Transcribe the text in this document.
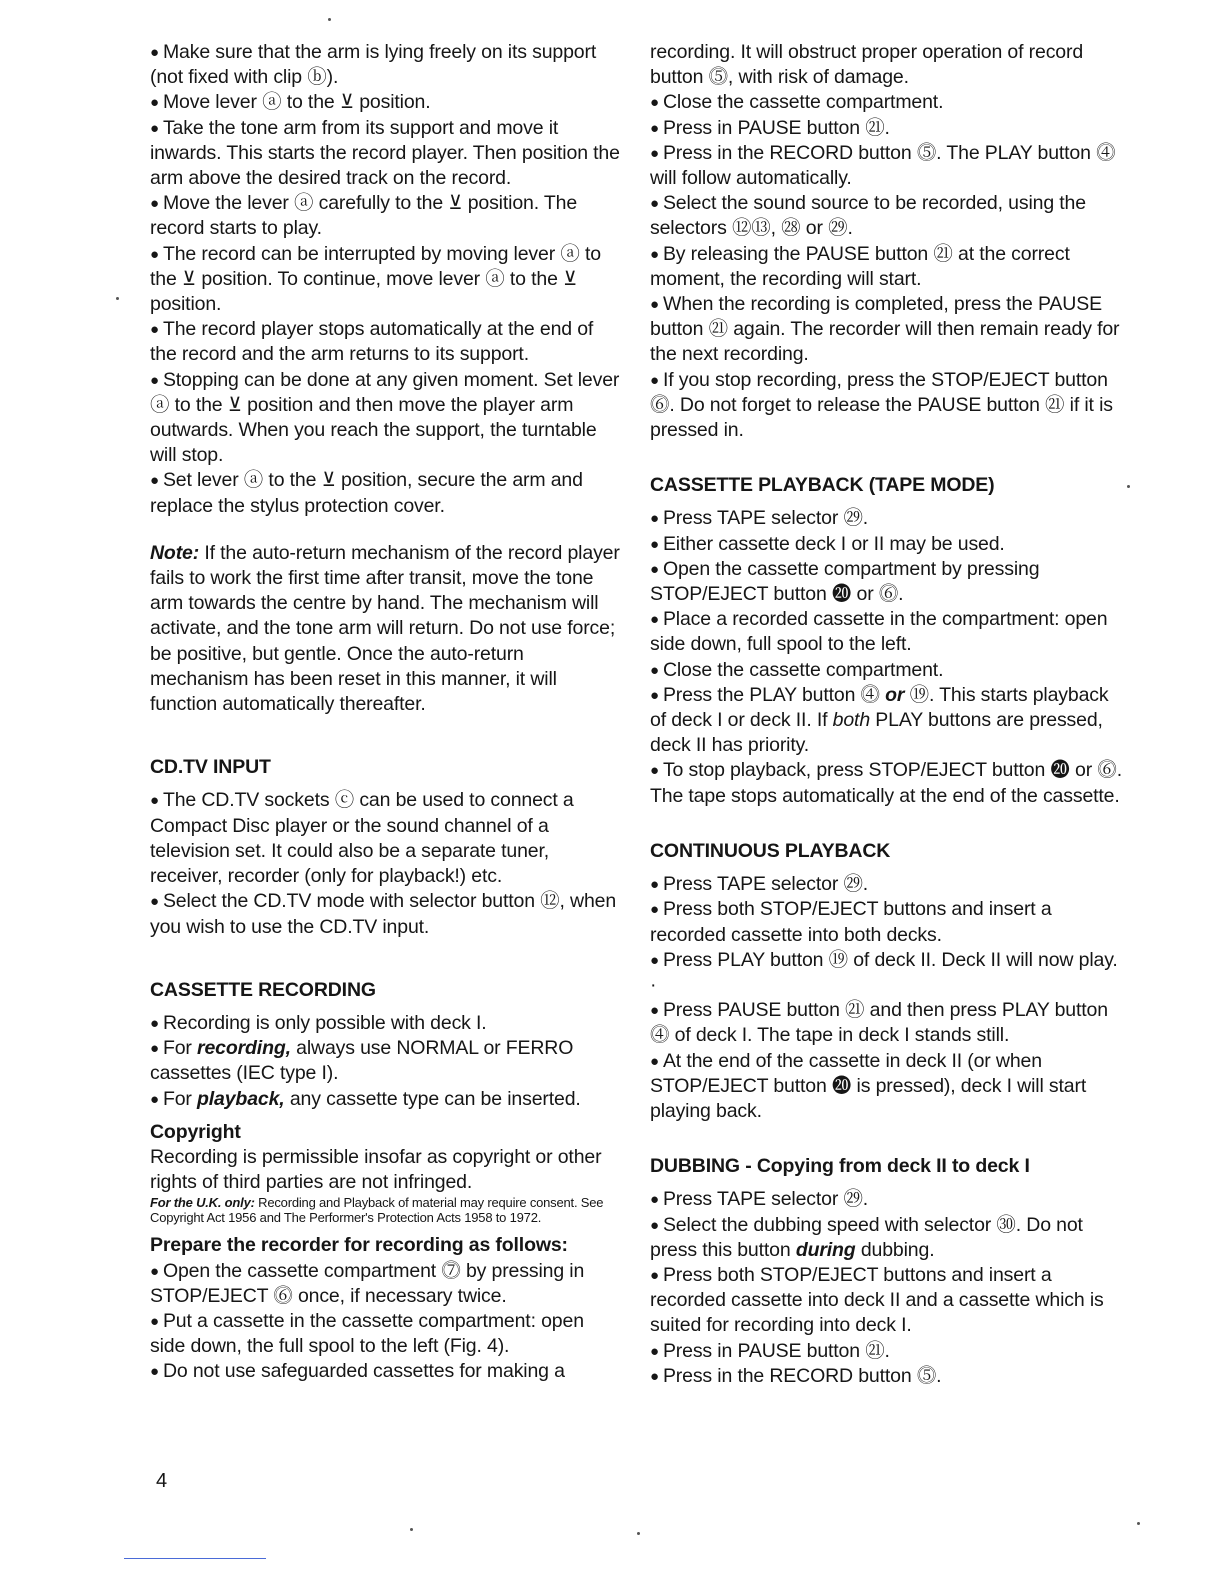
● Make sure that the arm is lying freely on its support (not fixed with clip ⓑ).

● Move lever ⓐ to the ⊻ position.

● Take the tone arm from its support and move it inwards. This starts the record player. Then position the arm above the desired track on the record.

● Move the lever ⓐ carefully to the ⊻ position. The record starts to play.

● The record can be interrupted by moving lever ⓐ to the ⊻ position. To continue, move lever ⓐ to the ⊻ position.

● The record player stops automatically at the end of the record and the arm returns to its support.

● Stopping can be done at any given moment. Set lever ⓐ to the ⊻ position and then move the player arm outwards. When you reach the support, the turntable will stop.

● Set lever ⓐ to the ⊻ position, secure the arm and replace the stylus protection cover.

Note: If the auto-return mechanism of the record player fails to work the first time after transit, move the tone arm towards the centre by hand. The mechanism will activate, and the tone arm will return. Do not use force; be positive, but gentle. Once the auto-return mechanism has been reset in this manner, it will function automatically thereafter.

CD.TV INPUT

● The CD.TV sockets ⓒ can be used to connect a Compact Disc player or the sound channel of a television set. It could also be a separate tuner, receiver, recorder (only for playback!) etc.

● Select the CD.TV mode with selector button ⑫, when you wish to use the CD.TV input.

CASSETTE RECORDING

● Recording is only possible with deck I.

● For recording, always use NORMAL or FERRO cassettes (IEC type I).

● For playback, any cassette type can be inserted.

Copyright

Recording is permissible insofar as copyright or other rights of third parties are not infringed.

For the U.K. only: Recording and Playback of material may require consent. See Copyright Act 1956 and The Performer's Protection Acts 1958 to 1972.

Prepare the recorder for recording as follows:

● Open the cassette compartment ⓻ by pressing in STOP/EJECT ⓺ once, if necessary twice.

● Put a cassette in the cassette compartment: open side down, the full spool to the left (Fig. 4).

● Do not use safeguarded cassettes for making a

recording. It will obstruct proper operation of record button ⓹, with risk of damage.

● Close the cassette compartment.

● Press in PAUSE button ㉑.

● Press in the RECORD button ⓹. The PLAY button ⓸ will follow automatically.

● Select the sound source to be recorded, using the selectors ⑫⑬, ㉘ or ㉙.

● By releasing the PAUSE button ㉑ at the correct moment, the recording will start.

● When the recording is completed, press the PAUSE button ㉑ again. The recorder will then remain ready for the next recording.

● If you stop recording, press the STOP/EJECT button ⓺. Do not forget to release the PAUSE button ㉑ if it is pressed in.

CASSETTE PLAYBACK (TAPE MODE)

● Press TAPE selector ㉙.

● Either cassette deck I or II may be used.

● Open the cassette compartment by pressing STOP/EJECT button ⓴ or ⓺.

● Place a recorded cassette in the compartment: open side down, full spool to the left.

● Close the cassette compartment.

● Press the PLAY button ⓸ or ⑲. This starts playback of deck I or deck II. If both PLAY buttons are pressed, deck II has priority.

● To stop playback, press STOP/EJECT button ⓴ or ⓺. The tape stops automatically at the end of the cassette.

CONTINUOUS PLAYBACK

● Press TAPE selector ㉙.

● Press both STOP/EJECT buttons and insert a recorded cassette into both decks.

● Press PLAY button ⑲ of deck II. Deck II will now play. ·

● Press PAUSE button ㉑ and then press PLAY button ⓸ of deck I. The tape in deck I stands still.

● At the end of the cassette in deck II (or when STOP/EJECT button ⓴ is pressed), deck I will start playing back.

DUBBING - Copying from deck II to deck I

● Press TAPE selector ㉙.

● Select the dubbing speed with selector ㉚. Do not press this button during dubbing.

● Press both STOP/EJECT buttons and insert a recorded cassette into deck II and a cassette which is suited for recording into deck I.

● Press in PAUSE button ㉑.

● Press in the RECORD button ⓹.

4
